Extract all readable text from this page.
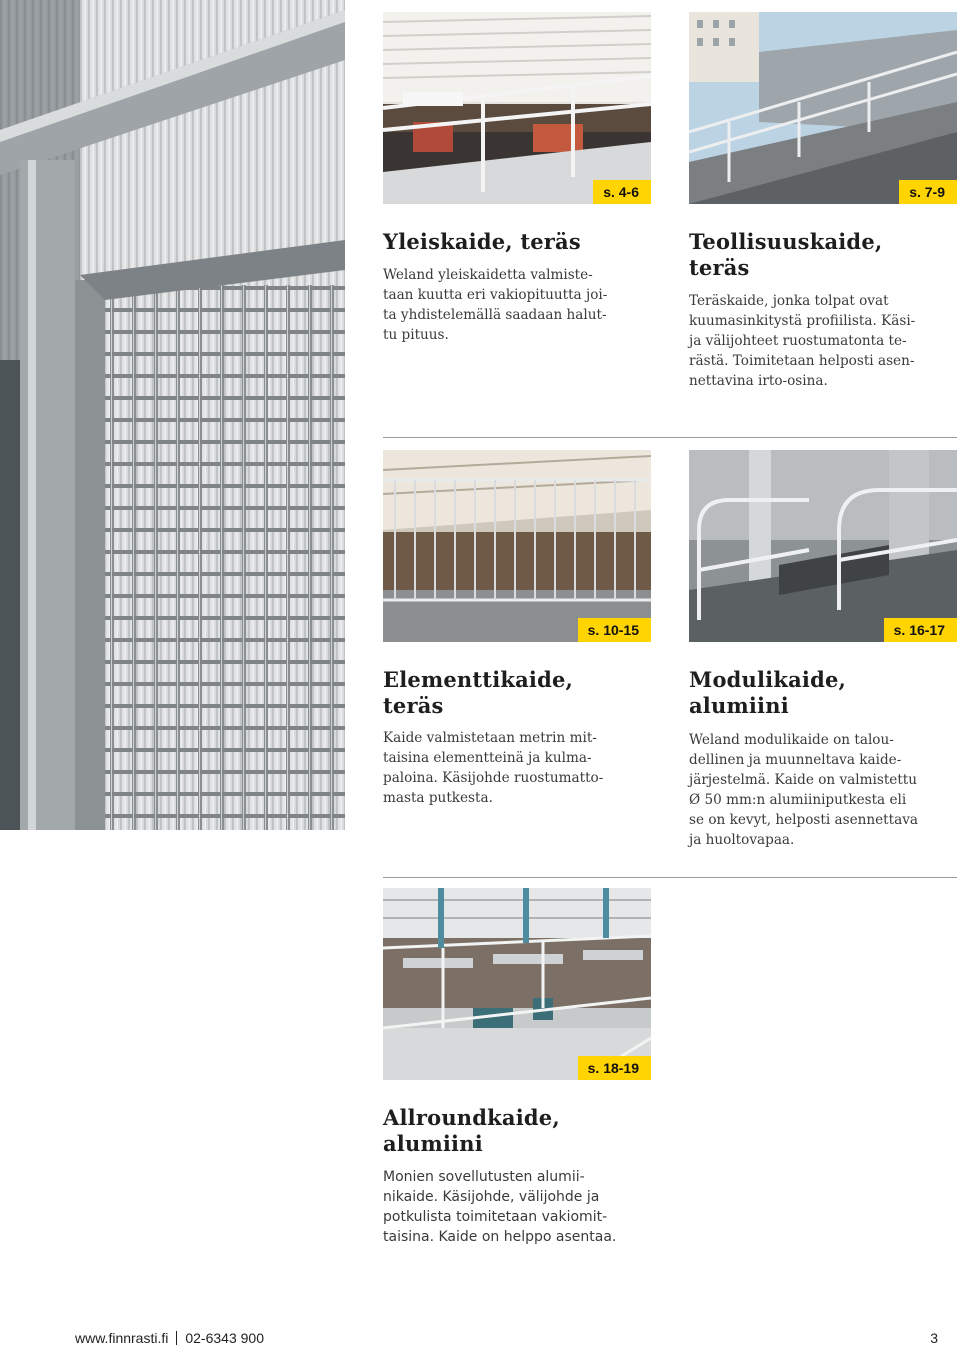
s. 4-6	s. 7-9
Yleiskaide, teräs

Weland yleiskaidetta valmiste-
taan kuutta eri vakiopituutta joi-
ta yhdistelemällä saadaan halut-
tu pituus.

Teollisuuskaide,
teräs

Teräskaide, jonka tolpat ovat
kuumasinkitystä profiilista. Käsi-
ja välijohteet ruostumatonta te-
rästä. Toimitetaan helposti asen-
nettavina irto-osina.

s. 10-15	s. 16-17
Elementtikaide,
teräs

Kaide valmistetaan metrin mit-
taisina elementteinä ja kulma-
paloina. Käsijohde ruostumatto-
masta putkesta.

Modulikaide,
alumiini

Weland modulikaide on talou-
dellinen ja muunneltava kaide-
järjestelmä. Kaide on valmistettu
Ø 50 mm:n alumiiniputkesta eli
se on kevyt, helposti asennettava
ja huoltovapaa.

s. 18-19
Allroundkaide,
alumiini

Monien sovellutusten alumii-
nikaide. Käsijohde, välijohde ja
potkulista toimitetaan vakiomit-
taisina. Kaide on helppo asentaa.

www.finnrasti.fi 02-6343 900	3
